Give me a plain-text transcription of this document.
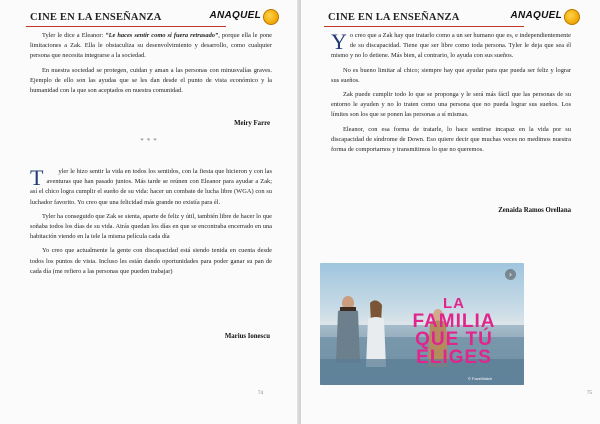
CINE EN LA ENSEÑANZA	ANAQUEL

Tyler le dice a Eleanor: “Le haces sentir como si fuera retrasado”, porque ella le pone limitaciones a Zak. Ella le obstaculiza su desenvolvimiento y desarrollo, como cualquier persona que necesita integrarse a la sociedad.

En nuestra sociedad se protegen, cuidan y aman a las personas con minusvalías graves. Ejemplo de ello son las ayudas que se les dan desde el punto de vista económico y la humanidad con la que son aceptados en nuestra comunidad.

Meiry Farre
***

T yler le hizo sentir la vida en todos los sentidos, con la fiesta que hicieron y con las aventuras que han pasado juntos. Más tarde se reúnen con Eleanor para ayudar a Zak; así el chico logra cumplir el sueño de su vida: hacer un combate de lucha libre (WGA) con su luchador favorito. Yo creo que una felicidad más grande no existía para él.

Tyler ha conseguido que Zak se sienta, aparte de feliz y útil, también libre de hacer lo que soñaba todos los días de su vida. Atrás quedan los días en que se encontraba encerrado en una habitación viendo en la tele la misma película cada día

Yo creo que actualmente la gente con discapacidad está siendo tenida en cuenta desde todos los puntos de vista. Incluso les están dando oportunidades para poder ganar su pan de cada día (me refiero a las personas que pueden trabajar)

Marius Ionescu
74
CINE EN LA ENSEÑANZA	ANAQUEL

Yo creo que a Zak hay que tratarlo como a un ser humano que es, e independientemente de su discapacidad. Tiene que ser libre como toda persona. Tyler le deja que sea él mismo y no lo detiene. Más bien, al contrario, lo ayuda con sus sueños.

No es bueno limitar al chico; siempre hay que ayudar para que pueda ser feliz y lograr sus sueños.

Zak puede cumplir todo lo que se proponga y le será más fácil que las personas de su entorno le ayuden y no lo traten como una persona que no pueda lograr sus sueños. Los límites son los que se ponen las personas a sí mismas.

Eleanor, con esa forma de tratarle, lo hace sentirse incapaz en la vida por su discapacidad de síndrome de Down. Eso quiere decir que muchas veces no medimos nuestra forma de comportarnos y transmitimos lo que no queremos.

Zenaida Ramos Orellana
LA
FAMILIA
QUE TÚ
ELIGES
© FaceWatch
›
75
